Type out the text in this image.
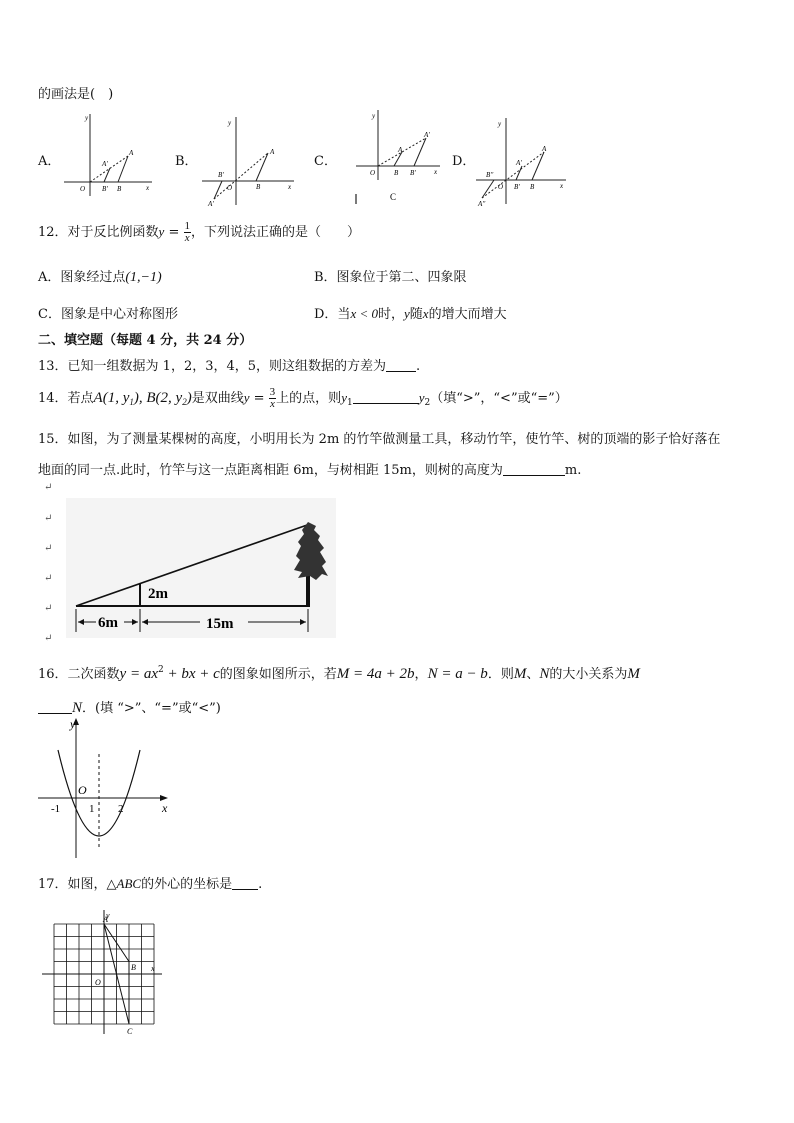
的画法是(　)
A．
y
x
O
A
A'
B' B
B．
y
x
O
A
B
B'
A'
C．
y
x
O
A'
A
B B'
C
D．
y
x
O
A
A'
B
B'
B''
A''
12．对于反比例函数$y = \frac{1}{x}$ ，下列说法正确的是（　　）
A．图象经过点(1,−1)	B．图象位于第二、四象限
C．图象是中心对称图形	D．当x < 0时，y随x的增大而增大
二、填空题（每题 4 分，共 24 分）
13．已知一组数据为 1，2，3，4，5，则这组数据的方差为 .
14．若点A(1, $y_1$), B(2, $y_2$)是双曲线$y = \frac{3}{x}$ 上的点，则$y_1$	$y_2$（填“>”，“<”或“=”）
15．如图，为了测量某棵树的高度，小明用长为 2m 的竹竿做测量工具，移动竹竿，使竹竿、树的顶端的影子恰好落在
地面的同一点.此时，竹竿与这一点距离相距 6m，与树相距 15m，则树的高度为	m.
↵
↵
↵
↵
↵
↵
2m
6m	15m
16．二次函数$y = ax^2$ + bx + c的图象如图所示，若M = 4a + 2b，N = a − b．则M、N的大小关系为M
N．(填 “>”、“=”或“<”)
y
x
O
-1	1 2
17．如图，△ABC的外心的坐标是 .
y
x
O
A
B
C
